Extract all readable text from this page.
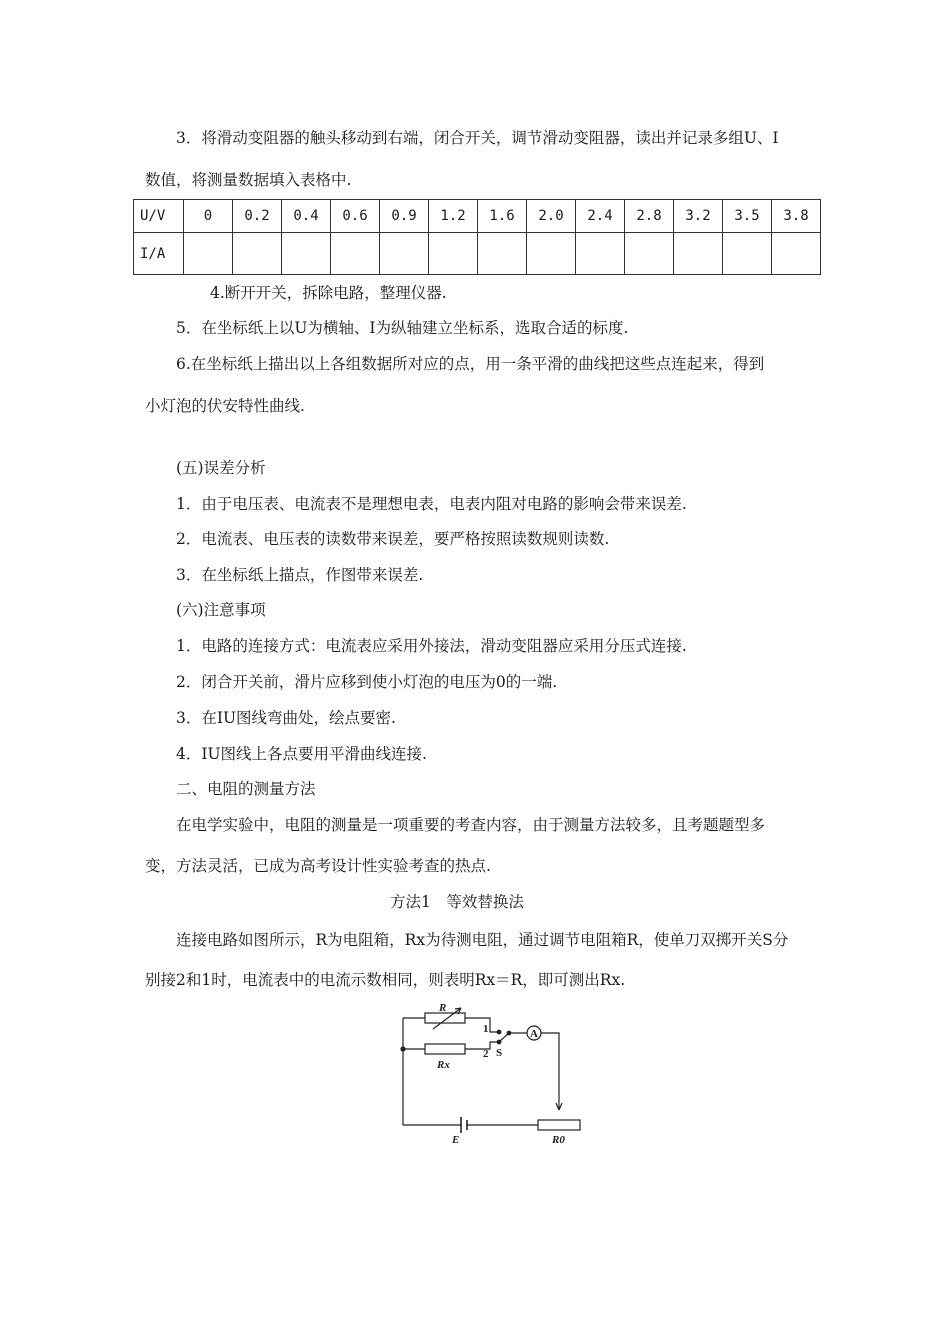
3．将滑动变阻器的触头移动到右端，闭合开关，调节滑动变阻器，读出并记录多组U、I
数值，将测量数据填入表格中.
U/V	0	0.2	0.4	0.6	0.9	1.2	1.6	2.0	2.4	2.8	3.2	3.5	3.8
I/A													
4.断开开关，拆除电路，整理仪器.
5．在坐标纸上以U为横轴、I为纵轴建立坐标系，选取合适的标度.
6.在坐标纸上描出以上各组数据所对应的点，用一条平滑的曲线把这些点连起来，得到
小灯泡的伏安特性曲线.
(五)误差分析
1．由于电压表、电流表不是理想电表，电表内阻对电路的影响会带来误差.
2．电流表、电压表的读数带来误差，要严格按照读数规则读数.
3．在坐标纸上描点，作图带来误差.
(六)注意事项
1．电路的连接方式：电流表应采用外接法，滑动变阻器应采用分压式连接.
2．闭合开关前，滑片应移到使小灯泡的电压为0的一端.
3．在IU图线弯曲处，绘点要密.
4．IU图线上各点要用平滑曲线连接.
二、电阻的测量方法
在电学实验中，电阻的测量是一项重要的考查内容，由于测量方法较多，且考题题型多
变，方法灵活，已成为高考设计性实验考查的热点.
方法1　等效替换法
连接电路如图所示，R为电阻箱，Rx为待测电阻，通过调节电阻箱R，使单刀双掷开关S分
别接2和1时，电流表中的电流示数相同，则表明Rx＝R，即可测出Rx.
R
Rx
1
2 S
A
E	R0
